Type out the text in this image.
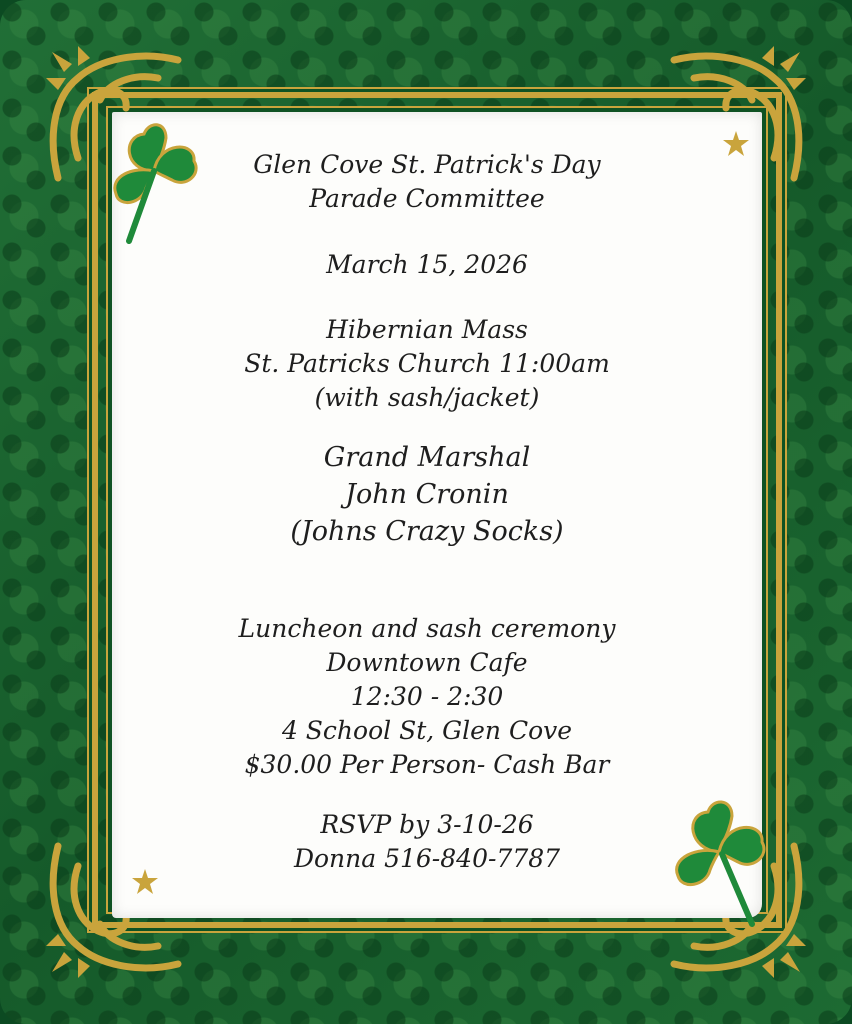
Glen Cove St. Patrick's Day
Parade Committee
March 15, 2026
Hibernian Mass
St. Patricks Church 11:00am
(with sash/jacket)
Grand Marshal
John Cronin
(Johns Crazy Socks)
Luncheon and sash ceremony
Downtown Cafe
12:30 - 2:30
4 School St, Glen Cove
$30.00 Per Person- Cash Bar
RSVP by 3-10-26
Donna 516-840-7787
